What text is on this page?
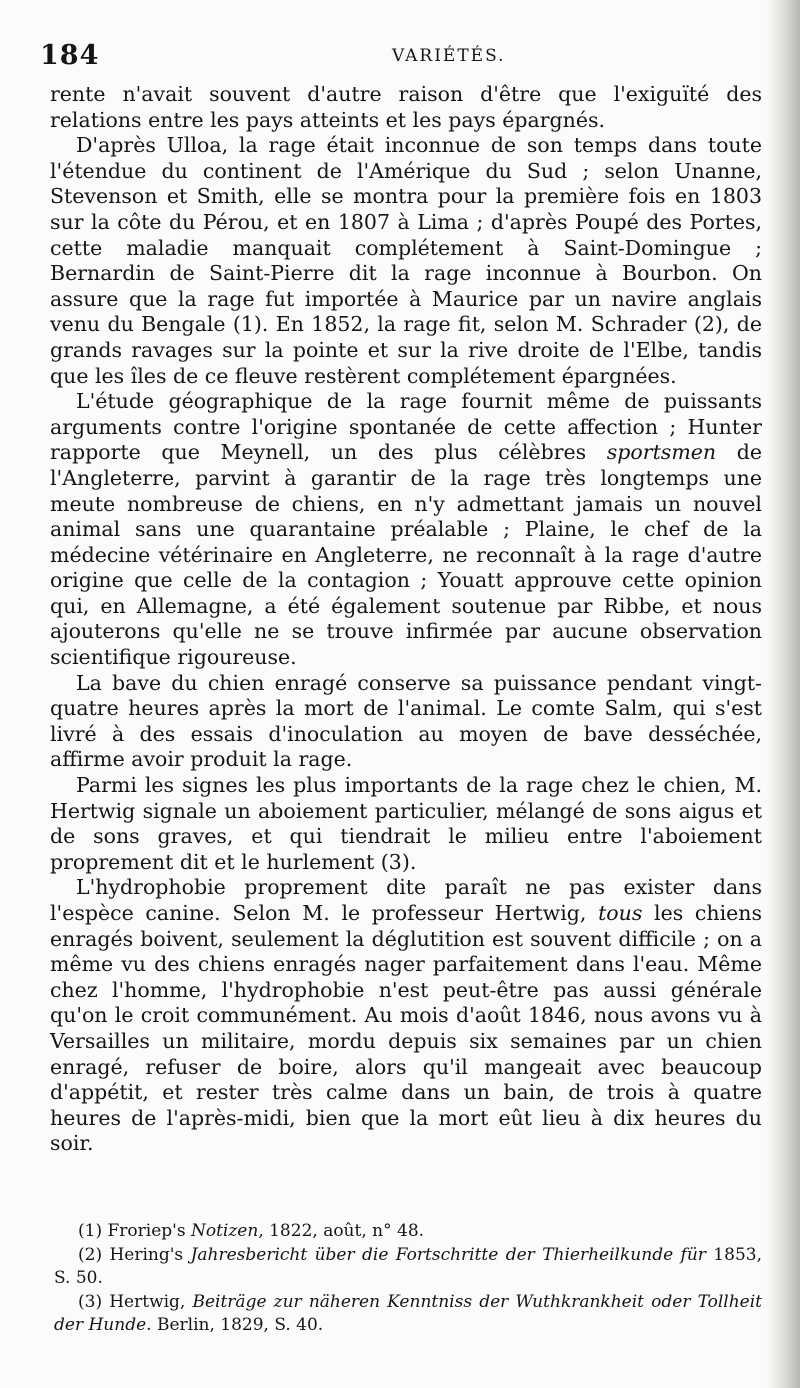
184	VARIÉTÉS.

rente n'avait souvent d'autre raison d'être que l'exiguïté des relations entre les pays atteints et les pays épargnés.

D'après Ulloa, la rage était inconnue de son temps dans toute l'étendue du continent de l'Amérique du Sud ; selon Unanne, Stevenson et Smith, elle se montra pour la première fois en 1803 sur la côte du Pérou, et en 1807 à Lima ; d'après Poupé des Portes, cette maladie manquait complétement à Saint-Domingue ; Bernardin de Saint-Pierre dit la rage inconnue à Bourbon. On assure que la rage fut importée à Maurice par un navire anglais venu du Bengale (1). En 1852, la rage fit, selon M. Schrader (2), de grands ravages sur la pointe et sur la rive droite de l'Elbe, tandis que les îles de ce fleuve restèrent complétement épargnées.

L'étude géographique de la rage fournit même de puissants arguments contre l'origine spontanée de cette affection ; Hunter rapporte que Meynell, un des plus célèbres sportsmen de l'Angleterre, parvint à garantir de la rage très longtemps une meute nombreuse de chiens, en n'y admettant jamais un nouvel animal sans une quarantaine préalable ; Plaine, le chef de la médecine vétérinaire en Angleterre, ne reconnaît à la rage d'autre origine que celle de la contagion ; Youatt approuve cette opinion qui, en Allemagne, a été également soutenue par Ribbe, et nous ajouterons qu'elle ne se trouve infirmée par aucune observation scientifique rigoureuse.

La bave du chien enragé conserve sa puissance pendant vingt-quatre heures après la mort de l'animal. Le comte Salm, qui s'est livré à des essais d'inoculation au moyen de bave desséchée, affirme avoir produit la rage.

Parmi les signes les plus importants de la rage chez le chien, M. Hertwig signale un aboiement particulier, mélangé de sons aigus et de sons graves, et qui tiendrait le milieu entre l'aboiement proprement dit et le hurlement (3).

L'hydrophobie proprement dite paraît ne pas exister dans l'espèce canine. Selon M. le professeur Hertwig, tous les chiens enragés boivent, seulement la déglutition est souvent difficile ; on a même vu des chiens enragés nager parfaitement dans l'eau. Même chez l'homme, l'hydrophobie n'est peut-être pas aussi générale qu'on le croit communément. Au mois d'août 1846, nous avons vu à Versailles un militaire, mordu depuis six semaines par un chien enragé, refuser de boire, alors qu'il mangeait avec beaucoup d'appétit, et rester très calme dans un bain, de trois à quatre heures de l'après-midi, bien que la mort eût lieu à dix heures du soir.

(1) Froriep's Notizen, 1822, août, n° 48.

(2) Hering's Jahresbericht über die Fortschritte der Thierheilkunde für 1853, S. 50.

(3) Hertwig, Beiträge zur näheren Kenntniss der Wuthkrankheit oder Tollheit der Hunde. Berlin, 1829, S. 40.
